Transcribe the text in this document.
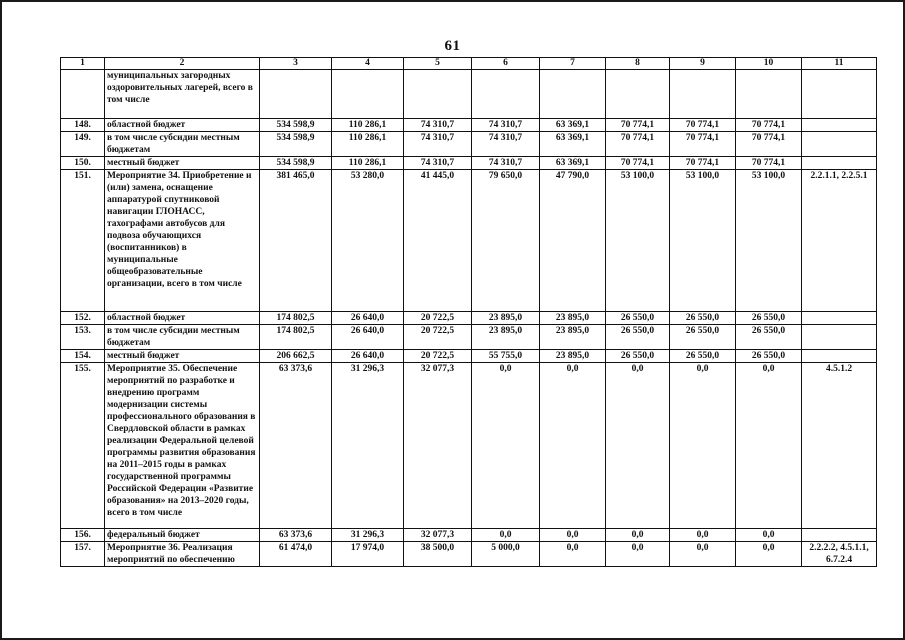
61
1	2	3	4	5	6	7	8	9	10	11
	муниципальных загородных оздоровительных лагерей, всего в том числе									
148.	областной бюджет	534 598,9	110 286,1	74 310,7	74 310,7	63 369,1	70 774,1	70 774,1	70 774,1	
149.	в том числе субсидии местным бюджетам	534 598,9	110 286,1	74 310,7	74 310,7	63 369,1	70 774,1	70 774,1	70 774,1	
150.	местный бюджет	534 598,9	110 286,1	74 310,7	74 310,7	63 369,1	70 774,1	70 774,1	70 774,1	
151.	Мероприятие 34. Приобретение и (или) замена, оснащение аппаратурой спутниковой навигации ГЛОНАСС, тахографами автобусов для подвоза обучающихся (воспитанников) в муниципальные общеобразовательные организации, всего в том числе	381 465,0	53 280,0	41 445,0	79 650,0	47 790,0	53 100,0	53 100,0	53 100,0	2.2.1.1, 2.2.5.1
152.	областной бюджет	174 802,5	26 640,0	20 722,5	23 895,0	23 895,0	26 550,0	26 550,0	26 550,0	
153.	в том числе субсидии местным бюджетам	174 802,5	26 640,0	20 722,5	23 895,0	23 895,0	26 550,0	26 550,0	26 550,0	
154.	местный бюджет	206 662,5	26 640,0	20 722,5	55 755,0	23 895,0	26 550,0	26 550,0	26 550,0	
155.	Мероприятие 35. Обеспечение мероприятий по разработке и внедрению программ модернизации системы профессионального образования в Свердловской области в рамках реализации Федеральной целевой программы развития образования на 2011–2015 годы в рамках государственной программы Российской Федерации «Развитие образования» на 2013–2020 годы, всего в том числе	63 373,6	31 296,3	32 077,3	0,0	0,0	0,0	0,0	0,0	4.5.1.2
156.	федеральный бюджет	63 373,6	31 296,3	32 077,3	0,0	0,0	0,0	0,0	0,0	
157.	Мероприятие 36. Реализация мероприятий по обеспечению	61 474,0	17 974,0	38 500,0	5 000,0	0,0	0,0	0,0	0,0	2.2.2.2, 4.5.1.1, 6.7.2.4
